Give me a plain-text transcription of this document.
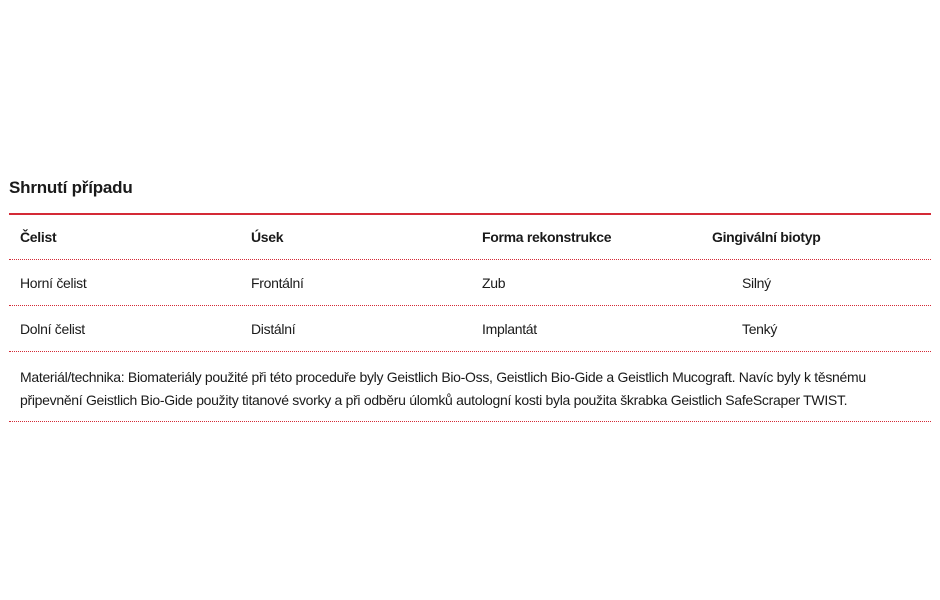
Shrnutí případu
Čelist	Úsek	Forma rekonstrukce	Gingivální biotyp
Horní čelist	Frontální	Zub	Silný
Dolní čelist	Distální	Implantát	Tenký
Materiál/technika: Biomateriály použité při této proceduře byly Geistlich Bio-Oss, Geistlich Bio-Gide a Geistlich Mucograft. Navíc byly k těsnému připevnění Geistlich Bio-Gide použity titanové svorky a při odběru úlomků autologní kosti byla použita škrabka Geistlich SafeScraper TWIST.
